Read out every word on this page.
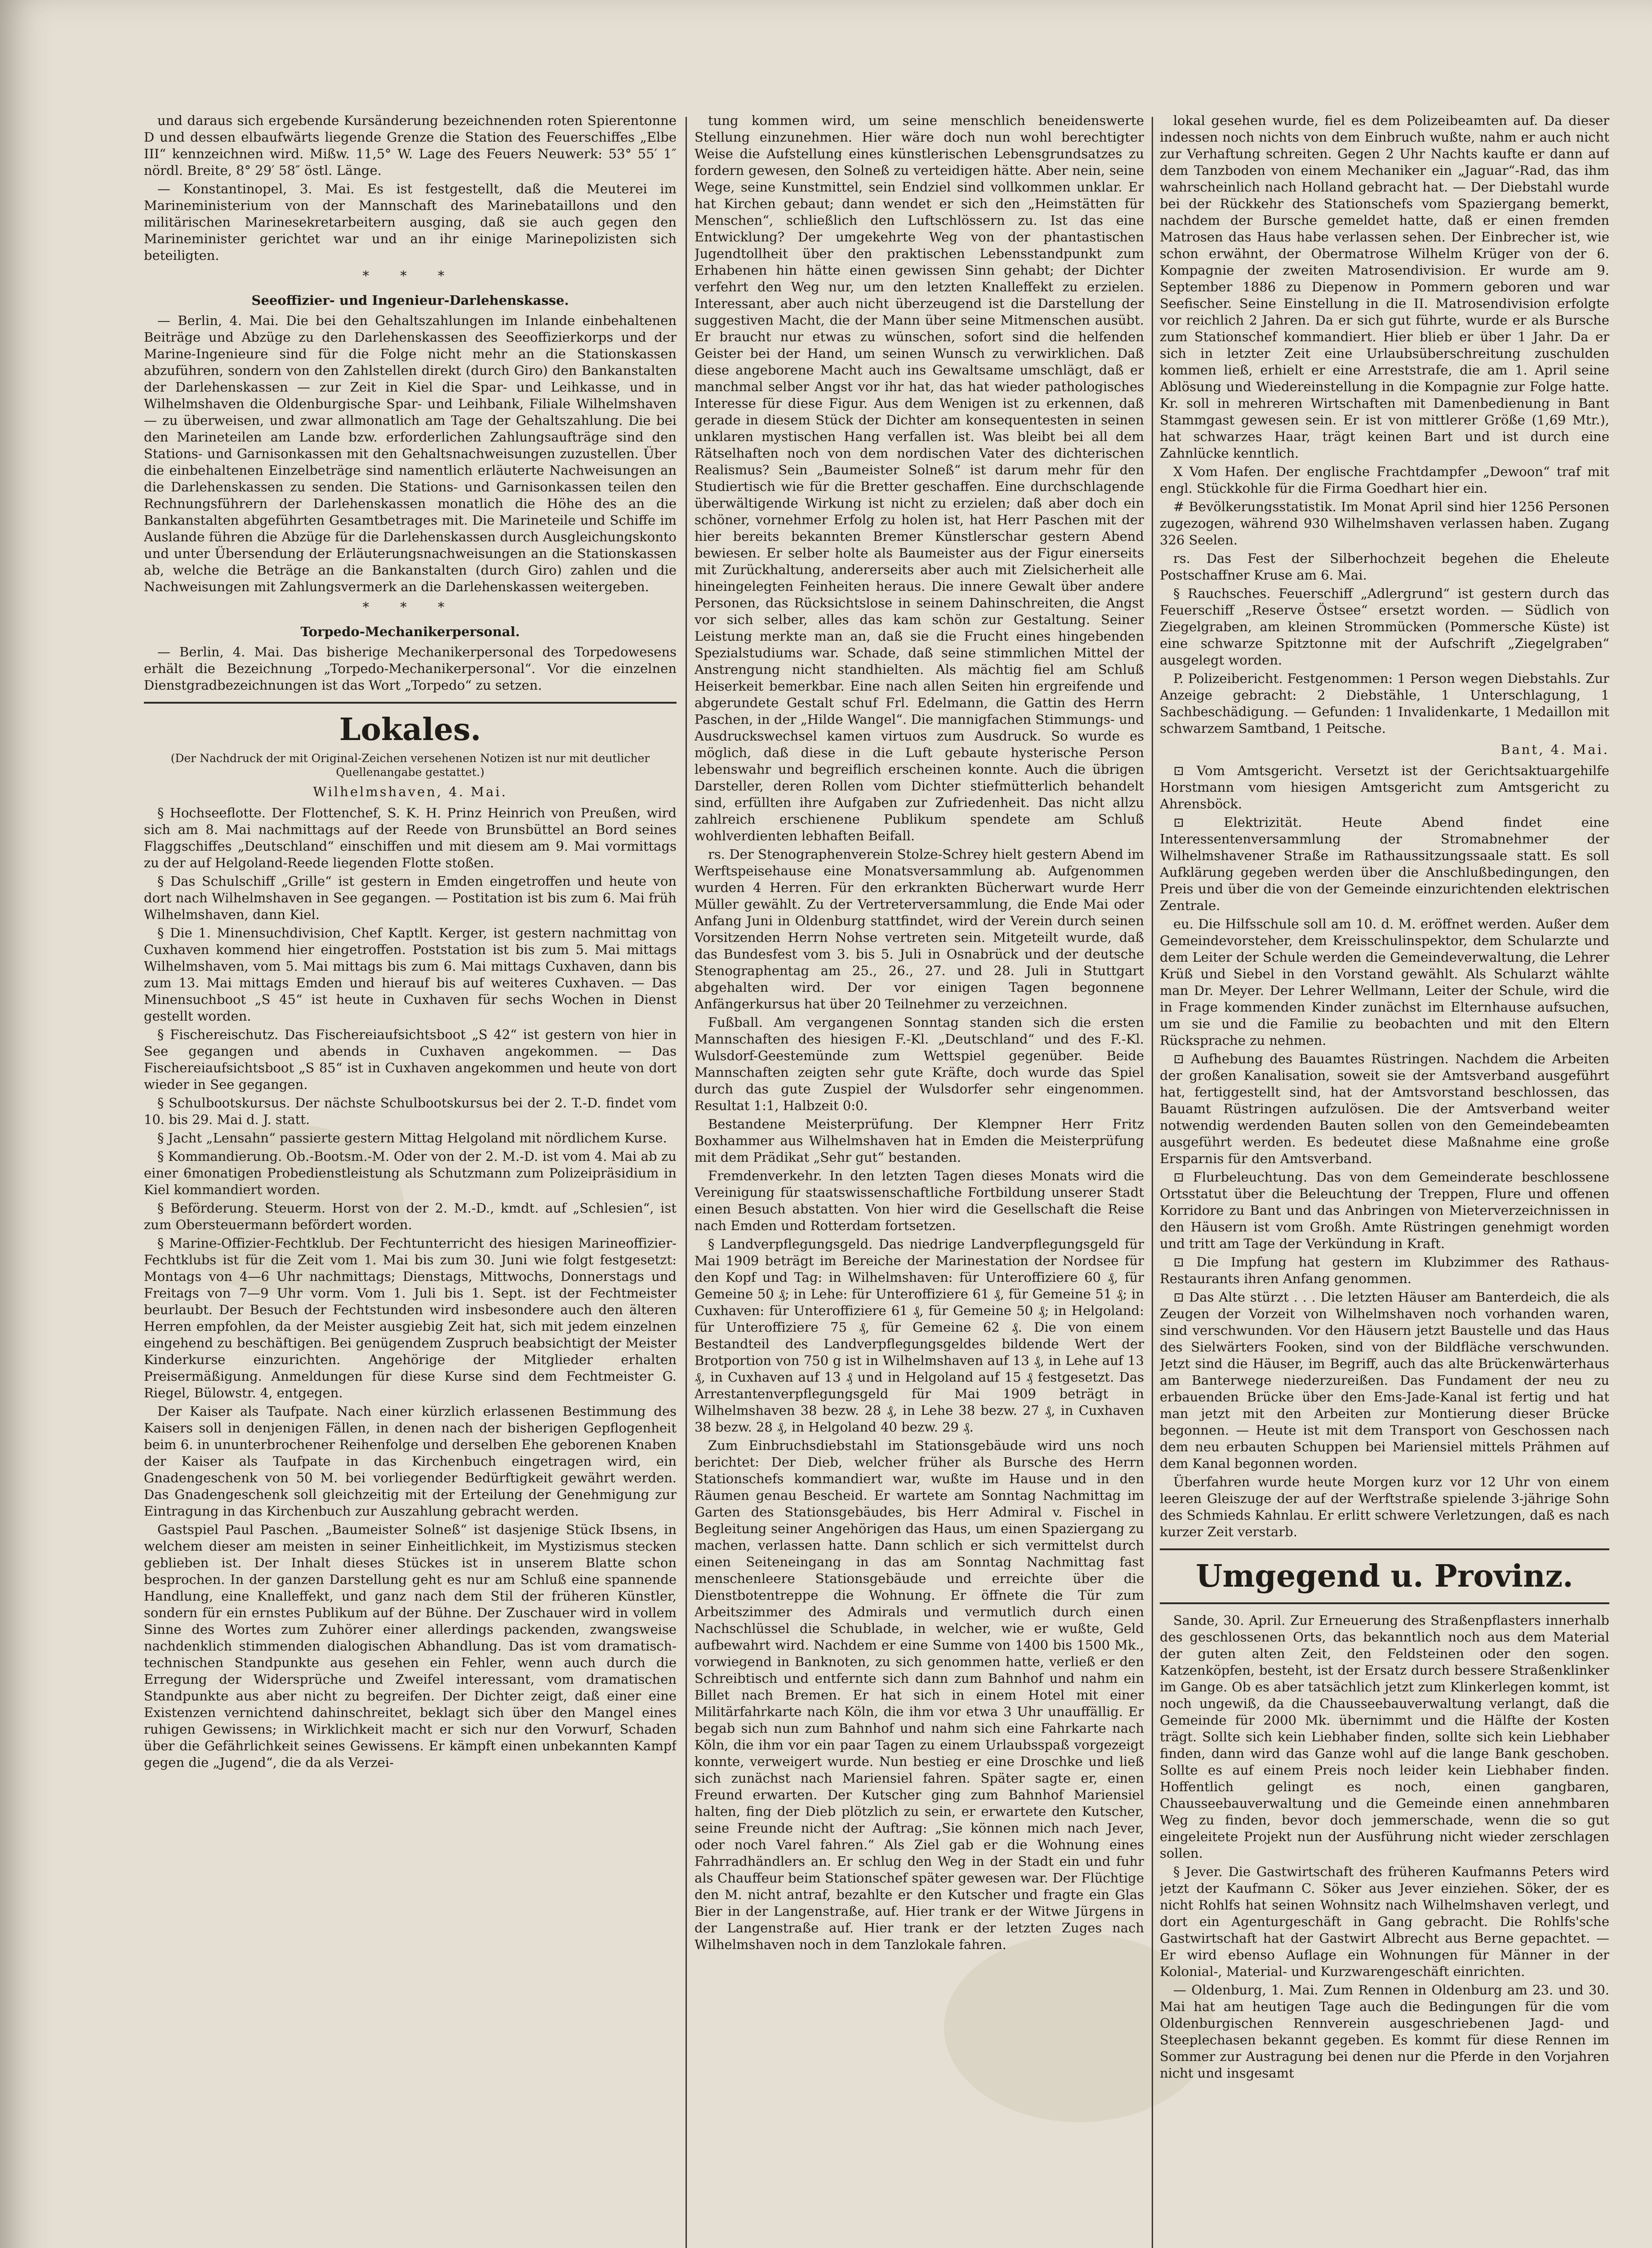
und daraus sich ergebende Kursänderung bezeichnenden roten Spierentonne D und dessen elbaufwärts liegende Grenze die Station des Feuerschiffes „Elbe III“ kennzeichnen wird. Mißw. 11,5° W. Lage des Feuers Neuwerk: 53° 55′ 1″ nördl. Breite, 8° 29′ 58″ östl. Länge.

— Konstantinopel, 3. Mai. Es ist festgestellt, daß die Meuterei im Marineministerium von der Mannschaft des Marinebataillons und den militärischen Marinesekretarbeitern ausging, daß sie auch gegen den Marineminister gerichtet war und an ihr einige Marinepolizisten sich beteiligten.

* * *
Seeoffizier- und Ingenieur-Darlehenskasse.

— Berlin, 4. Mai. Die bei den Gehaltszahlungen im Inlande einbehaltenen Beiträge und Abzüge zu den Darlehenskassen des Seeoffizierkorps und der Marine-Ingenieure sind für die Folge nicht mehr an die Stationskassen abzuführen, sondern von den Zahlstellen direkt (durch Giro) den Bankanstalten der Darlehenskassen — zur Zeit in Kiel die Spar- und Leihkasse, und in Wilhelmshaven die Oldenburgische Spar- und Leihbank, Filiale Wilhelmshaven — zu überweisen, und zwar allmonatlich am Tage der Gehaltszahlung. Die bei den Marineteilen am Lande bzw. erforderlichen Zahlungsaufträge sind den Stations- und Garnisonkassen mit den Gehaltsnachweisungen zuzustellen. Über die einbehaltenen Einzelbeträge sind namentlich erläuterte Nachweisungen an die Darlehenskassen zu senden. Die Stations- und Garnisonkassen teilen den Rechnungsführern der Darlehenskassen monatlich die Höhe des an die Bankanstalten abgeführten Gesamtbetrages mit. Die Marineteile und Schiffe im Auslande führen die Abzüge für die Darlehenskassen durch Ausgleichungskonto und unter Übersendung der Erläuterungsnachweisungen an die Stationskassen ab, welche die Beträge an die Bankanstalten (durch Giro) zahlen und die Nachweisungen mit Zahlungsvermerk an die Darlehenskassen weitergeben.

* * *
Torpedo-Mechanikerpersonal.

— Berlin, 4. Mai. Das bisherige Mechanikerpersonal des Torpedowesens erhält die Bezeichnung „Torpedo-Mechanikerpersonal“. Vor die einzelnen Dienstgradbezeichnungen ist das Wort „Torpedo“ zu setzen.

Lokales.
(Der Nachdruck der mit Original-Zeichen versehenen Notizen ist nur mit deutlicher Quellenangabe gestattet.)
Wilhelmshaven, 4. Mai.

§ Hochseeflotte. Der Flottenchef, S. K. H. Prinz Heinrich von Preußen, wird sich am 8. Mai nachmittags auf der Reede von Brunsbüttel an Bord seines Flaggschiffes „Deutschland“ einschiffen und mit diesem am 9. Mai vormittags zu der auf Helgoland-Reede liegenden Flotte stoßen.

§ Das Schulschiff „Grille“ ist gestern in Emden eingetroffen und heute von dort nach Wilhelmshaven in See gegangen. — Postitation ist bis zum 6. Mai früh Wilhelmshaven, dann Kiel.

§ Die 1. Minensuchdivision, Chef Kaptlt. Kerger, ist gestern nachmittag von Cuxhaven kommend hier eingetroffen. Poststation ist bis zum 5. Mai mittags Wilhelmshaven, vom 5. Mai mittags bis zum 6. Mai mittags Cuxhaven, dann bis zum 13. Mai mittags Emden und hierauf bis auf weiteres Cuxhaven. — Das Minensuchboot „S 45“ ist heute in Cuxhaven für sechs Wochen in Dienst gestellt worden.

§ Fischereischutz. Das Fischereiaufsichtsboot „S 42“ ist gestern von hier in See gegangen und abends in Cuxhaven angekommen. — Das Fischereiaufsichtsboot „S 85“ ist in Cuxhaven angekommen und heute von dort wieder in See gegangen.

§ Schulbootskursus. Der nächste Schulbootskursus bei der 2. T.-D. findet vom 10. bis 29. Mai d. J. statt.

§ Jacht „Lensahn“ passierte gestern Mittag Helgoland mit nördlichem Kurse.

§ Kommandierung. Ob.-Bootsm.-M. Oder von der 2. M.-D. ist vom 4. Mai ab zu einer 6monatigen Probedienstleistung als Schutzmann zum Polizeipräsidium in Kiel kommandiert worden.

§ Beförderung. Steuerm. Horst von der 2. M.-D., kmdt. auf „Schlesien“, ist zum Obersteuermann befördert worden.

§ Marine-Offizier-Fechtklub. Der Fechtunterricht des hiesigen Marineoffizier-Fechtklubs ist für die Zeit vom 1. Mai bis zum 30. Juni wie folgt festgesetzt: Montags von 4—6 Uhr nachmittags; Dienstags, Mittwochs, Donnerstags und Freitags von 7—9 Uhr vorm. Vom 1. Juli bis 1. Sept. ist der Fechtmeister beurlaubt. Der Besuch der Fechtstunden wird insbesondere auch den älteren Herren empfohlen, da der Meister ausgiebig Zeit hat, sich mit jedem einzelnen eingehend zu beschäftigen. Bei genügendem Zuspruch beabsichtigt der Meister Kinderkurse einzurichten. Angehörige der Mitglieder erhalten Preisermäßigung. Anmeldungen für diese Kurse sind dem Fechtmeister G. Riegel, Bülowstr. 4, entgegen.

Der Kaiser als Taufpate. Nach einer kürzlich erlassenen Bestimmung des Kaisers soll in denjenigen Fällen, in denen nach der bisherigen Gepflogenheit beim 6. in ununterbrochener Reihenfolge und derselben Ehe geborenen Knaben der Kaiser als Taufpate in das Kirchenbuch eingetragen wird, ein Gnadengeschenk von 50 M. bei vorliegender Bedürftigkeit gewährt werden. Das Gnadengeschenk soll gleichzeitig mit der Erteilung der Genehmigung zur Eintragung in das Kirchenbuch zur Auszahlung gebracht werden.

Gastspiel Paul Paschen. „Baumeister Solneß“ ist dasjenige Stück Ibsens, in welchem dieser am meisten in seiner Einheitlichkeit, im Mystizismus stecken geblieben ist. Der Inhalt dieses Stückes ist in unserem Blatte schon besprochen. In der ganzen Darstellung geht es nur am Schluß eine spannende Handlung, eine Knalleffekt, und ganz nach dem Stil der früheren Künstler, sondern für ein ernstes Publikum auf der Bühne. Der Zuschauer wird in vollem Sinne des Wortes zum Zuhörer einer allerdings packenden, zwangsweise nachdenklich stimmenden dialogischen Abhandlung. Das ist vom dramatisch-technischen Standpunkte aus gesehen ein Fehler, wenn auch durch die Erregung der Widersprüche und Zweifel interessant, vom dramatischen Standpunkte aus aber nicht zu begreifen. Der Dichter zeigt, daß einer eine Existenzen vernichtend dahinschreitet, beklagt sich über den Mangel eines ruhigen Gewissens; in Wirklichkeit macht er sich nur den Vorwurf, Schaden über die Gefährlichkeit seines Gewissens. Er kämpft einen unbekannten Kampf gegen die „Jugend“, die da als Verzei-

tung kommen wird, um seine menschlich beneidenswerte Stellung einzunehmen. Hier wäre doch nun wohl berechtigter Weise die Aufstellung eines künstlerischen Lebensgrundsatzes zu fordern gewesen, den Solneß zu verteidigen hätte. Aber nein, seine Wege, seine Kunstmittel, sein Endziel sind vollkommen unklar. Er hat Kirchen gebaut; dann wendet er sich den „Heimstätten für Menschen“, schließlich den Luftschlössern zu. Ist das eine Entwicklung? Der umgekehrte Weg von der phantastischen Jugendtollheit über den praktischen Lebensstandpunkt zum Erhabenen hin hätte einen gewissen Sinn gehabt; der Dichter verfehrt den Weg nur, um den letzten Knalleffekt zu erzielen. Interessant, aber auch nicht überzeugend ist die Darstellung der suggestiven Macht, die der Mann über seine Mitmenschen ausübt. Er braucht nur etwas zu wünschen, sofort sind die helfenden Geister bei der Hand, um seinen Wunsch zu verwirklichen. Daß diese angeborene Macht auch ins Gewaltsame umschlägt, daß er manchmal selber Angst vor ihr hat, das hat wieder pathologisches Interesse für diese Figur. Aus dem Wenigen ist zu erkennen, daß gerade in diesem Stück der Dichter am konsequentesten in seinen unklaren mystischen Hang verfallen ist. Was bleibt bei all dem Rätselhaften noch von dem nordischen Vater des dichterischen Realismus? Sein „Baumeister Solneß“ ist darum mehr für den Studiertisch wie für die Bretter geschaffen. Eine durchschlagende überwältigende Wirkung ist nicht zu erzielen; daß aber doch ein schöner, vornehmer Erfolg zu holen ist, hat Herr Paschen mit der hier bereits bekannten Bremer Künstlerschar gestern Abend bewiesen. Er selber holte als Baumeister aus der Figur einerseits mit Zurückhaltung, andererseits aber auch mit Zielsicherheit alle hineingelegten Feinheiten heraus. Die innere Gewalt über andere Personen, das Rücksichtslose in seinem Dahinschreiten, die Angst vor sich selber, alles das kam schön zur Gestaltung. Seiner Leistung merkte man an, daß sie die Frucht eines hingebenden Spezialstudiums war. Schade, daß seine stimmlichen Mittel der Anstrengung nicht standhielten. Als mächtig fiel am Schluß Heiserkeit bemerkbar. Eine nach allen Seiten hin ergreifende und abgerundete Gestalt schuf Frl. Edelmann, die Gattin des Herrn Paschen, in der „Hilde Wangel“. Die mannigfachen Stimmungs- und Ausdruckswechsel kamen virtuos zum Ausdruck. So wurde es möglich, daß diese in die Luft gebaute hysterische Person lebenswahr und begreiflich erscheinen konnte. Auch die übrigen Darsteller, deren Rollen vom Dichter stiefmütterlich behandelt sind, erfüllten ihre Aufgaben zur Zufriedenheit. Das nicht allzu zahlreich erschienene Publikum spendete am Schluß wohlverdienten lebhaften Beifall.

rs. Der Stenographenverein Stolze-Schrey hielt gestern Abend im Werftspeisehause eine Monatsversammlung ab. Aufgenommen wurden 4 Herren. Für den erkrankten Bücherwart wurde Herr Müller gewählt. Zu der Vertreterversammlung, die Ende Mai oder Anfang Juni in Oldenburg stattfindet, wird der Verein durch seinen Vorsitzenden Herrn Nohse vertreten sein. Mitgeteilt wurde, daß das Bundesfest vom 3. bis 5. Juli in Osnabrück und der deutsche Stenographentag am 25., 26., 27. und 28. Juli in Stuttgart abgehalten wird. Der vor einigen Tagen begonnene Anfängerkursus hat über 20 Teilnehmer zu verzeichnen.

Fußball. Am vergangenen Sonntag standen sich die ersten Mannschaften des hiesigen F.-Kl. „Deutschland“ und des F.-Kl. Wulsdorf-Geestemünde zum Wettspiel gegenüber. Beide Mannschaften zeigten sehr gute Kräfte, doch wurde das Spiel durch das gute Zuspiel der Wulsdorfer sehr eingenommen. Resultat 1:1, Halbzeit 0:0.

Bestandene Meisterprüfung. Der Klempner Herr Fritz Boxhammer aus Wilhelmshaven hat in Emden die Meisterprüfung mit dem Prädikat „Sehr gut“ bestanden.

Fremdenverkehr. In den letzten Tagen dieses Monats wird die Vereinigung für staatswissenschaftliche Fortbildung unserer Stadt einen Besuch abstatten. Von hier wird die Gesellschaft die Reise nach Emden und Rotterdam fortsetzen.

§ Landverpflegungsgeld. Das niedrige Landverpflegungsgeld für Mai 1909 beträgt im Bereiche der Marinestation der Nordsee für den Kopf und Tag: in Wilhelmshaven: für Unteroffiziere 60 ₰, für Gemeine 50 ₰; in Lehe: für Unteroffiziere 61 ₰, für Gemeine 51 ₰; in Cuxhaven: für Unteroffiziere 61 ₰, für Gemeine 50 ₰; in Helgoland: für Unteroffiziere 75 ₰, für Gemeine 62 ₰. Die von einem Bestandteil des Landverpflegungsgeldes bildende Wert der Brotportion von 750 g ist in Wilhelmshaven auf 13 ₰, in Lehe auf 13 ₰, in Cuxhaven auf 13 ₰ und in Helgoland auf 15 ₰ festgesetzt. Das Arrestantenverpflegungsgeld für Mai 1909 beträgt in Wilhelmshaven 38 bezw. 28 ₰, in Lehe 38 bezw. 27 ₰, in Cuxhaven 38 bezw. 28 ₰, in Helgoland 40 bezw. 29 ₰.

Zum Einbruchsdiebstahl im Stationsgebäude wird uns noch berichtet: Der Dieb, welcher früher als Bursche des Herrn Stationschefs kommandiert war, wußte im Hause und in den Räumen genau Bescheid. Er wartete am Sonntag Nachmittag im Garten des Stationsgebäudes, bis Herr Admiral v. Fischel in Begleitung seiner Angehörigen das Haus, um einen Spaziergang zu machen, verlassen hatte. Dann schlich er sich vermittelst durch einen Seiteneingang in das am Sonntag Nachmittag fast menschenleere Stationsgebäude und erreichte über die Dienstbotentreppe die Wohnung. Er öffnete die Tür zum Arbeitszimmer des Admirals und vermutlich durch einen Nachschlüssel die Schublade, in welcher, wie er wußte, Geld aufbewahrt wird. Nachdem er eine Summe von 1400 bis 1500 Mk., vorwiegend in Banknoten, zu sich genommen hatte, verließ er den Schreibtisch und entfernte sich dann zum Bahnhof und nahm ein Billet nach Bremen. Er hat sich in einem Hotel mit einer Militärfahrkarte nach Köln, die ihm vor etwa 3 Uhr unauffällig. Er begab sich nun zum Bahnhof und nahm sich eine Fahrkarte nach Köln, die ihm vor ein paar Tagen zu einem Urlaubsspaß vorgezeigt konnte, verweigert wurde. Nun bestieg er eine Droschke und ließ sich zunächst nach Mariensiel fahren. Später sagte er, einen Freund erwarten. Der Kutscher ging zum Bahnhof Mariensiel halten, fing der Dieb plötzlich zu sein, er erwartete den Kutscher, seine Freunde nicht der Auftrag: „Sie können mich nach Jever, oder noch Varel fahren.“ Als Ziel gab er die Wohnung eines Fahrradhändlers an. Er schlug den Weg in der Stadt ein und fuhr als Chauffeur beim Stationschef später gewesen war. Der Flüchtige den M. nicht antraf, bezahlte er den Kutscher und fragte ein Glas Bier in der Langenstraße, auf. Hier trank er der Witwe Jürgens in der Langenstraße auf. Hier trank er der letzten Zuges nach Wilhelmshaven noch in dem Tanzlokale fahren.

lokal gesehen wurde, fiel es dem Polizeibeamten auf. Da dieser indessen noch nichts von dem Einbruch wußte, nahm er auch nicht zur Verhaftung schreiten. Gegen 2 Uhr Nachts kaufte er dann auf dem Tanzboden von einem Mechaniker ein „Jaguar“-Rad, das ihm wahrscheinlich nach Holland gebracht hat. — Der Diebstahl wurde bei der Rückkehr des Stationschefs vom Spaziergang bemerkt, nachdem der Bursche gemeldet hatte, daß er einen fremden Matrosen das Haus habe verlassen sehen. Der Einbrecher ist, wie schon erwähnt, der Obermatrose Wilhelm Krüger von der 6. Kompagnie der zweiten Matrosendivision. Er wurde am 9. September 1886 zu Diepenow in Pommern geboren und war Seefischer. Seine Einstellung in die II. Matrosendivision erfolgte vor reichlich 2 Jahren. Da er sich gut führte, wurde er als Bursche zum Stationschef kommandiert. Hier blieb er über 1 Jahr. Da er sich in letzter Zeit eine Urlaubsüberschreitung zuschulden kommen ließ, erhielt er eine Arreststrafe, die am 1. April seine Ablösung und Wiedereinstellung in die Kompagnie zur Folge hatte. Kr. soll in mehreren Wirtschaften mit Damenbedienung in Bant Stammgast gewesen sein. Er ist von mittlerer Größe (1,69 Mtr.), hat schwarzes Haar, trägt keinen Bart und ist durch eine Zahnlücke kenntlich.

X Vom Hafen. Der englische Frachtdampfer „Dewoon“ traf mit engl. Stückkohle für die Firma Goedhart hier ein.

# Bevölkerungsstatistik. Im Monat April sind hier 1256 Personen zugezogen, während 930 Wilhelmshaven verlassen haben. Zugang 326 Seelen.

rs. Das Fest der Silberhochzeit begehen die Eheleute Postschaffner Kruse am 6. Mai.

§ Rauchsches. Feuerschiff „Adlergrund“ ist gestern durch das Feuerschiff „Reserve Östsee“ ersetzt worden. — Südlich von Ziegelgraben, am kleinen Strommücken (Pommersche Küste) ist eine schwarze Spitztonne mit der Aufschrift „Ziegelgraben“ ausgelegt worden.

P. Polizeibericht. Festgenommen: 1 Person wegen Diebstahls. Zur Anzeige gebracht: 2 Diebstähle, 1 Unterschlagung, 1 Sachbeschädigung. — Gefunden: 1 Invalidenkarte, 1 Medaillon mit schwarzem Samtband, 1 Peitsche.

Bant, 4. Mai.

⊡ Vom Amtsgericht. Versetzt ist der Gerichtsaktuargehilfe Horstmann vom hiesigen Amtsgericht zum Amtsgericht zu Ahrensböck.

⊡ Elektrizität. Heute Abend findet eine Interessentenversammlung der Stromabnehmer der Wilhelmshavener Straße im Rathaussitzungssaale statt. Es soll Aufklärung gegeben werden über die Anschlußbedingungen, den Preis und über die von der Gemeinde einzurichtenden elektrischen Zentrale.

eu. Die Hilfsschule soll am 10. d. M. eröffnet werden. Außer dem Gemeindevorsteher, dem Kreisschulinspektor, dem Schularzte und dem Leiter der Schule werden die Gemeindeverwaltung, die Lehrer Krüß und Siebel in den Vorstand gewählt. Als Schularzt wählte man Dr. Meyer. Der Lehrer Wellmann, Leiter der Schule, wird die in Frage kommenden Kinder zunächst im Elternhause aufsuchen, um sie und die Familie zu beobachten und mit den Eltern Rücksprache zu nehmen.

⊡ Aufhebung des Bauamtes Rüstringen. Nachdem die Arbeiten der großen Kanalisation, soweit sie der Amtsverband ausgeführt hat, fertiggestellt sind, hat der Amtsvorstand beschlossen, das Bauamt Rüstringen aufzulösen. Die der Amtsverband weiter notwendig werdenden Bauten sollen von den Gemeindebeamten ausgeführt werden. Es bedeutet diese Maßnahme eine große Ersparnis für den Amtsverband.

⊡ Flurbeleuchtung. Das von dem Gemeinderate beschlossene Ortsstatut über die Beleuchtung der Treppen, Flure und offenen Korridore zu Bant und das Anbringen von Mieterverzeichnissen in den Häusern ist vom Großh. Amte Rüstringen genehmigt worden und tritt am Tage der Verkündung in Kraft.

⊡ Die Impfung hat gestern im Klubzimmer des Rathaus-Restaurants ihren Anfang genommen.

⊡ Das Alte stürzt . . . Die letzten Häuser am Banterdeich, die als Zeugen der Vorzeit von Wilhelmshaven noch vorhanden waren, sind verschwunden. Vor den Häusern jetzt Baustelle und das Haus des Sielwärters Fooken, sind von der Bildfläche verschwunden. Jetzt sind die Häuser, im Begriff, auch das alte Brückenwärterhaus am Banterwege niederzureißen. Das Fundament der neu zu erbauenden Brücke über den Ems-Jade-Kanal ist fertig und hat man jetzt mit den Arbeiten zur Montierung dieser Brücke begonnen. — Heute ist mit dem Transport von Geschossen nach dem neu erbauten Schuppen bei Mariensiel mittels Prähmen auf dem Kanal begonnen worden.

Überfahren wurde heute Morgen kurz vor 12 Uhr von einem leeren Gleiszuge der auf der Werftstraße spielende 3-jährige Sohn des Schmieds Kahnlau. Er erlitt schwere Verletzungen, daß es nach kurzer Zeit verstarb.

Umgegend u. Provinz.

Sande, 30. April. Zur Erneuerung des Straßenpflasters innerhalb des geschlossenen Orts, das bekanntlich noch aus dem Material der guten alten Zeit, den Feldsteinen oder den sogen. Katzenköpfen, besteht, ist der Ersatz durch bessere Straßenklinker im Gange. Ob es aber tatsächlich jetzt zum Klinkerlegen kommt, ist noch ungewiß, da die Chausseebauverwaltung verlangt, daß die Gemeinde für 2000 Mk. übernimmt und die Hälfte der Kosten trägt. Sollte sich kein Liebhaber finden, sollte sich kein Liebhaber finden, dann wird das Ganze wohl auf die lange Bank geschoben. Sollte es auf einem Preis noch leider kein Liebhaber finden. Hoffentlich gelingt es noch, einen gangbaren, Chausseebauverwaltung und die Gemeinde einen annehmbaren Weg zu finden, bevor doch jemmerschade, wenn die so gut eingeleitete Projekt nun der Ausführung nicht wieder zerschlagen sollen.

§ Jever. Die Gastwirtschaft des früheren Kaufmanns Peters wird jetzt der Kaufmann C. Söker aus Jever einziehen. Söker, der es nicht Rohlfs hat seinen Wohnsitz nach Wilhelmshaven verlegt, und dort ein Agenturgeschäft in Gang gebracht. Die Rohlfs'sche Gastwirtschaft hat der Gastwirt Albrecht aus Berne gepachtet. — Er wird ebenso Auflage ein Wohnungen für Männer in der Kolonial-, Material- und Kurzwarengeschäft einrichten.

— Oldenburg, 1. Mai. Zum Rennen in Oldenburg am 23. und 30. Mai hat am heutigen Tage auch die Bedingungen für die vom Oldenburgischen Rennverein ausgeschriebenen Jagd- und Steeplechasen bekannt gegeben. Es kommt für diese Rennen im Sommer zur Austragung bei denen nur die Pferde in den Vorjahren nicht und insgesamt
